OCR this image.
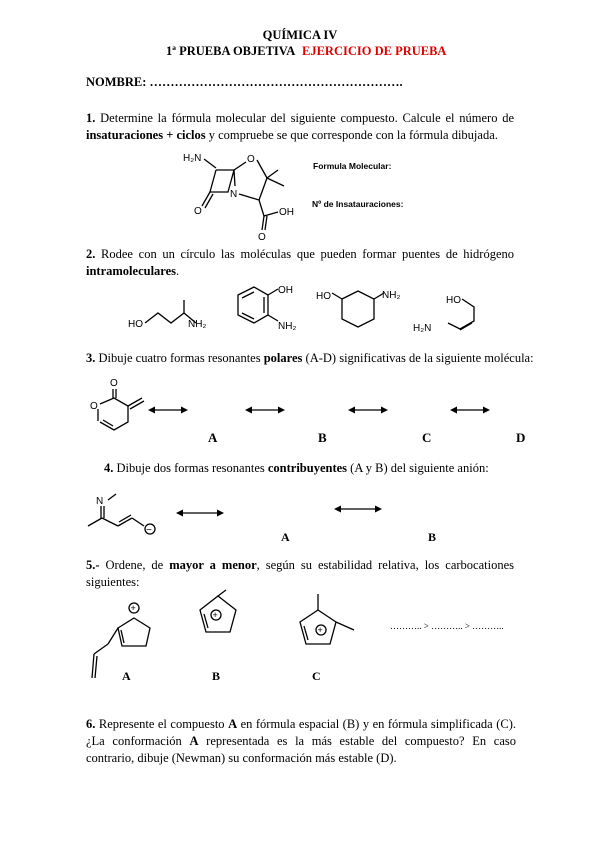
QUÍMICA IV
1ª PRUEBA OBJETIVA EJERCICIO DE PRUEBA
NOMBRE: …………………………………………………….
1. Determine la fórmula molecular del siguiente compuesto. Calcule el número de insaturaciones + ciclos y compruebe se que corresponde con la fórmula dibujada.
H₂N	O
N
O	OH
O
Formula Molecular:
Nº de Insatauraciones:
2. Rodee con un círculo las moléculas que pueden formar puentes de hidrógeno intramoleculares.
HO	NH₂
OH
NH₂
HO	NH₂	HO
H₂N
3. Dibuje cuatro formas resonantes polares (A-D) significativas de la siguiente molécula:
O
O
A	B	C	D
4. Dibuje dos formas resonantes contribuyentes (A y B) del siguiente anión:
N
−	A	B
5.- Ordene, de mayor a menor, según su estabilidad relativa, los carbocationes siguientes:
+
+
+	……….. > ……….. > ………..
A	B	C
6. Represente el compuesto A en fórmula espacial (B) y en fórmula simplificada (C). ¿La conformación A representada es la más estable del compuesto? En caso contrario, dibuje (Newman) su conformación más estable (D).
